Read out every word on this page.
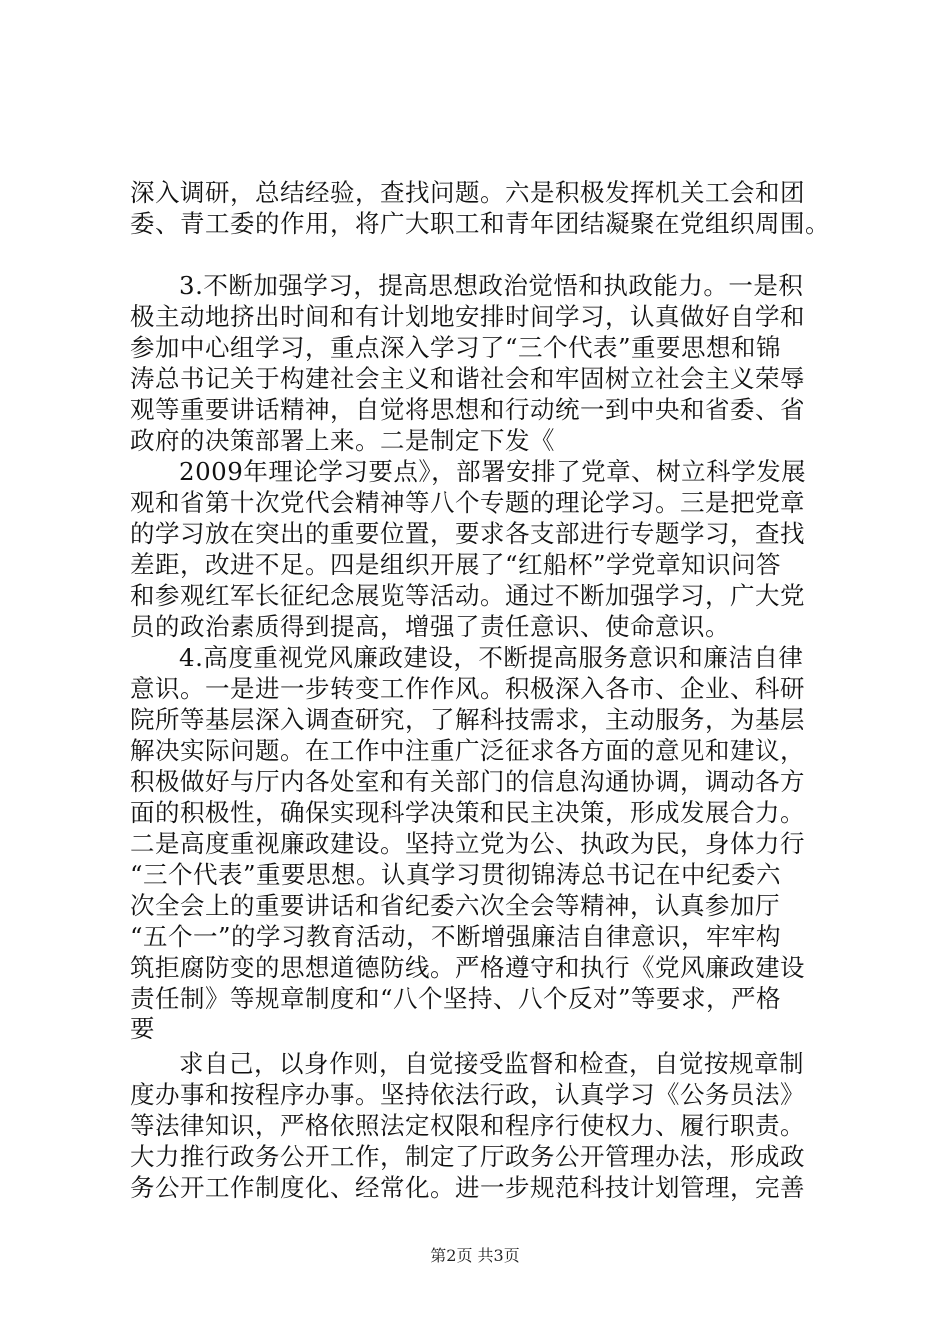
深入调研，总结经验，查找问题。六是积极发挥机关工会和团
委、青工委的作用，将广大职工和青年团结凝聚在党组织周围。
3.不断加强学习，提高思想政治觉悟和执政能力。一是积
极主动地挤出时间和有计划地安排时间学习，认真做好自学和
参加中心组学习，重点深入学习了“三个代表”重要思想和锦
涛总书记关于构建社会主义和谐社会和牢固树立社会主义荣辱
观等重要讲话精神，自觉将思想和行动统一到中央和省委、省
政府的决策部署上来。二是制定下发《
2009年理论学习要点》，部署安排了党章、树立科学发展
观和省第十次党代会精神等八个专题的理论学习。三是把党章
的学习放在突出的重要位置，要求各支部进行专题学习，查找
差距，改进不足。四是组织开展了“红船杯”学党章知识问答
和参观红军长征纪念展览等活动。通过不断加强学习，广大党
员的政治素质得到提高，增强了责任意识、使命意识。
4.高度重视党风廉政建设，不断提高服务意识和廉洁自律
意识。一是进一步转变工作作风。积极深入各市、企业、科研
院所等基层深入调查研究，了解科技需求，主动服务，为基层
解决实际问题。在工作中注重广泛征求各方面的意见和建议，
积极做好与厅内各处室和有关部门的信息沟通协调，调动各方
面的积极性，确保实现科学决策和民主决策，形成发展合力。
二是高度重视廉政建设。坚持立党为公、执政为民，身体力行
“三个代表”重要思想。认真学习贯彻锦涛总书记在中纪委六
次全会上的重要讲话和省纪委六次全会等精神，认真参加厅
“五个一”的学习教育活动，不断增强廉洁自律意识，牢牢构
筑拒腐防变的思想道德防线。严格遵守和执行《党风廉政建设
责任制》等规章制度和“八个坚持、八个反对”等要求，严格
要
求自己，以身作则，自觉接受监督和检查，自觉按规章制
度办事和按程序办事。坚持依法行政，认真学习《公务员法》
等法律知识，严格依照法定权限和程序行使权力、履行职责。
大力推行政务公开工作，制定了厅政务公开管理办法，形成政
务公开工作制度化、经常化。进一步规范科技计划管理，完善
第2页 共3页
